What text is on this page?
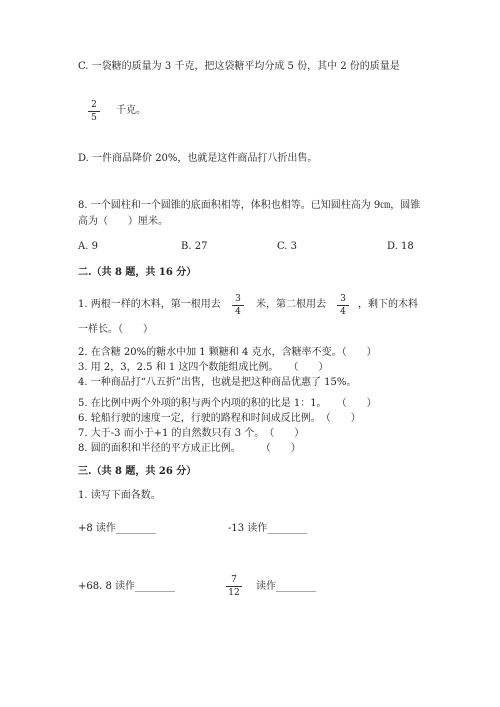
C. 一袋糖的质量为 3 千克，把这袋糖平均分成 5 份，其中 2 份的质量是
2
5
千克。
D. 一件商品降价 20%，也就是这件商品打八折出售。
8. 一个圆柱和一个圆锥的底面积相等，体积也相等。已知圆柱高为 9㎝，圆锥
高为（　　）厘米。
A. 9	B. 27	C. 3	D. 18
二.（共 8 题，共 16 分）
1. 两根一样的木料，第一根用去	3
4
米，第二根用去	3
4
，剩下的木料
一样长。（　　）
2. 在含糖 20%的糖水中加 1 颗糖和 4 克水，含糖率不变。（　　）
3. 用 2，3，2.5 和 1 这四个数能组成比例。　　（　　）
4. 一种商品打“八五折”出售，也就是把这种商品优惠了 15%。
5. 在比例中两个外项的积与两个内项的积的比是 1：1。　　（　　）
6. 轮船行驶的速度一定，行驶的路程和时间成反比例。　（　　）
7. 大于-3 而小于+1 的自然数只有 3 个。　（　　）
8. 圆的面积和半径的平方成正比例。　　　（　　）
三.（共 8 题，共 26 分）
1. 读写下面各数。
+8 读作________	-13 读作________
+68. 8 读作________
7
12
读作________
